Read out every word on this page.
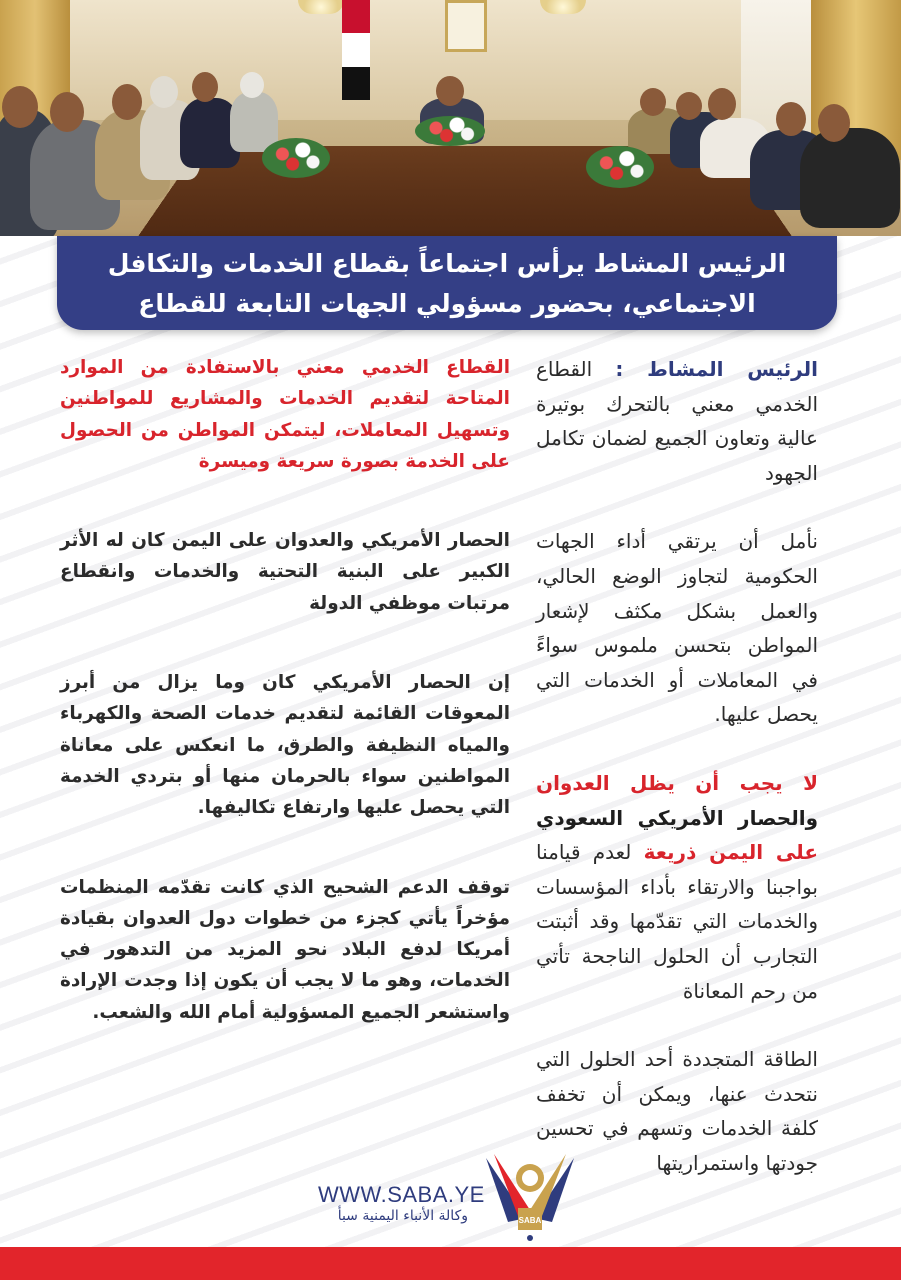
الرئيس المشاط يرأس اجتماعاً بقطاع الخدمات والتكافل
الاجتماعي، بحضور مسؤولي الجهات التابعة للقطاع

الرئيس المشاط : القطاع الخدمي معني بالتحرك بوتيرة عالية وتعاون الجميع لضمان تكامل الجهود

نأمل أن يرتقي أداء الجهات الحكومية لتجاوز الوضع الحالي، والعمل بشكل مكثف لإشعار المواطن بتحسن ملموس سواءً في المعاملات أو الخدمات التي يحصل عليها.

لا يجب أن يظل العدوان والحصار الأمريكي السعودي على اليمن ذريعة لعدم قيامنا بواجبنا والارتقاء بأداء المؤسسات والخدمات التي تقدّمها وقد أثبتت التجارب أن الحلول الناجحة تأتي من رحم المعاناة

الطاقة المتجددة أحد الحلول التي نتحدث عنها، ويمكن أن تخفف كلفة الخدمات وتسهم في تحسين جودتها واستمراريتها

القطاع الخدمي معني بالاستفادة من الموارد المتاحة لتقديم الخدمات والمشاريع للمواطنين وتسهيل المعاملات، ليتمكن المواطن من الحصول على الخدمة بصورة سريعة وميسرة

الحصار الأمريكي والعدوان على اليمن كان له الأثر الكبير على البنية التحتية والخدمات وانقطاع مرتبات موظفي الدولة

إن الحصار الأمريكي كان وما يزال من أبرز المعوقات القائمة لتقديم خدمات الصحة والكهرباء والمياه النظيفة والطرق، ما انعكس على معاناة المواطنين سواء بالحرمان منها أو بتردي الخدمة التي يحصل عليها وارتفاع تكاليفها.

توقف الدعم الشحيح الذي كانت تقدّمه المنظمات مؤخراً يأتي كجزء من خطوات دول العدوان بقيادة أمريكا لدفع البلاد نحو المزيد من التدهور في الخدمات، وهو ما لا يجب أن يكون إذا وجدت الإرادة واستشعر الجميع المسؤولية أمام الله والشعب.

WWW.SABA.YE
وكالة الأنباء اليمنية سبأ	SABA
